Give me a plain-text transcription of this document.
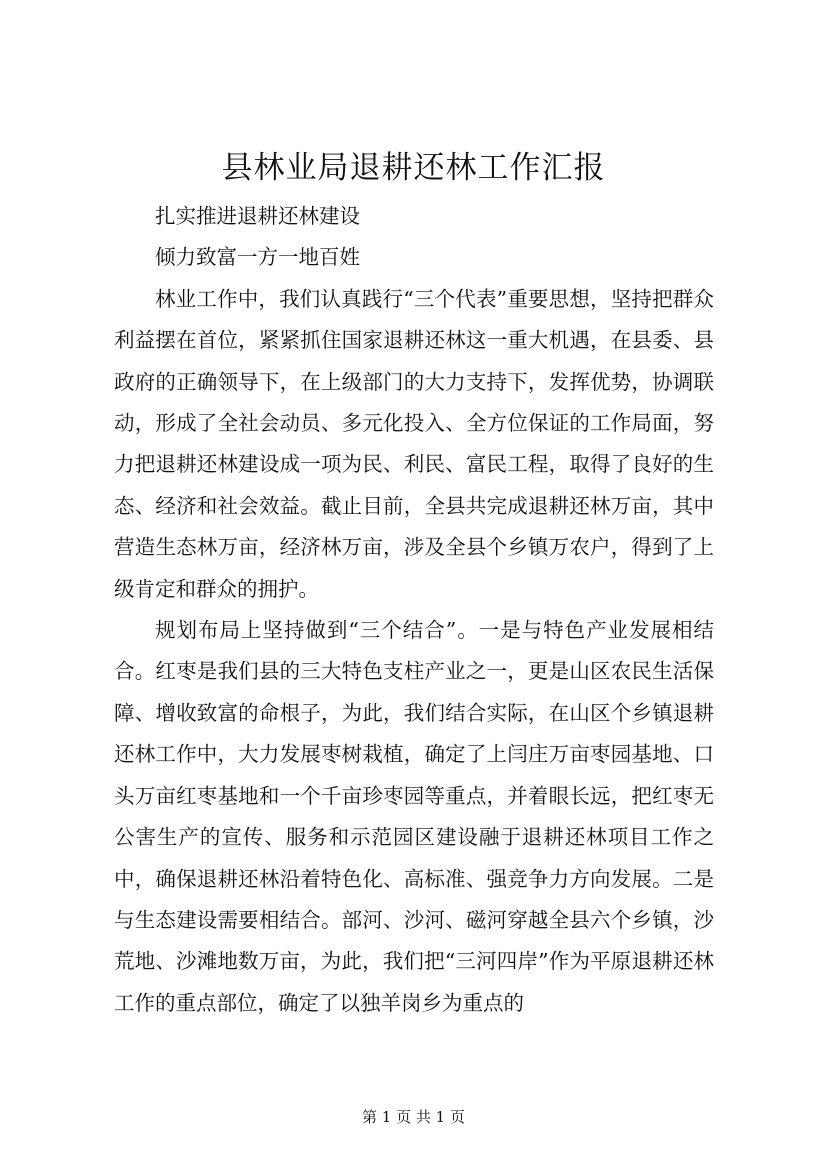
县林业局退耕还林工作汇报

扎实推进退耕还林建设

倾力致富一方一地百姓

林业工作中，我们认真践行“三个代表”重要思想，坚持把群众利益摆在首位，紧紧抓住国家退耕还林这一重大机遇，在县委、县政府的正确领导下，在上级部门的大力支持下，发挥优势，协调联动，形成了全社会动员、多元化投入、全方位保证的工作局面，努力把退耕还林建设成一项为民、利民、富民工程，取得了良好的生态、经济和社会效益。截止目前，全县共完成退耕还林万亩，其中营造生态林万亩，经济林万亩，涉及全县个乡镇万农户，得到了上级肯定和群众的拥护。

规划布局上坚持做到“三个结合”。一是与特色产业发展相结合。红枣是我们县的三大特色支柱产业之一，更是山区农民生活保障、增收致富的命根子，为此，我们结合实际，在山区个乡镇退耕还林工作中，大力发展枣树栽植，确定了上闫庄万亩枣园基地、口头万亩红枣基地和一个千亩珍枣园等重点，并着眼长远，把红枣无公害生产的宣传、服务和示范园区建设融于退耕还林项目工作之中，确保退耕还林沿着特色化、高标准、强竞争力方向发展。二是与生态建设需要相结合。部河、沙河、磁河穿越全县六个乡镇，沙荒地、沙滩地数万亩，为此，我们把“三河四岸”作为平原退耕还林工作的重点部位，确定了以独羊岗乡为重点的

第 1 页 共 1 页
